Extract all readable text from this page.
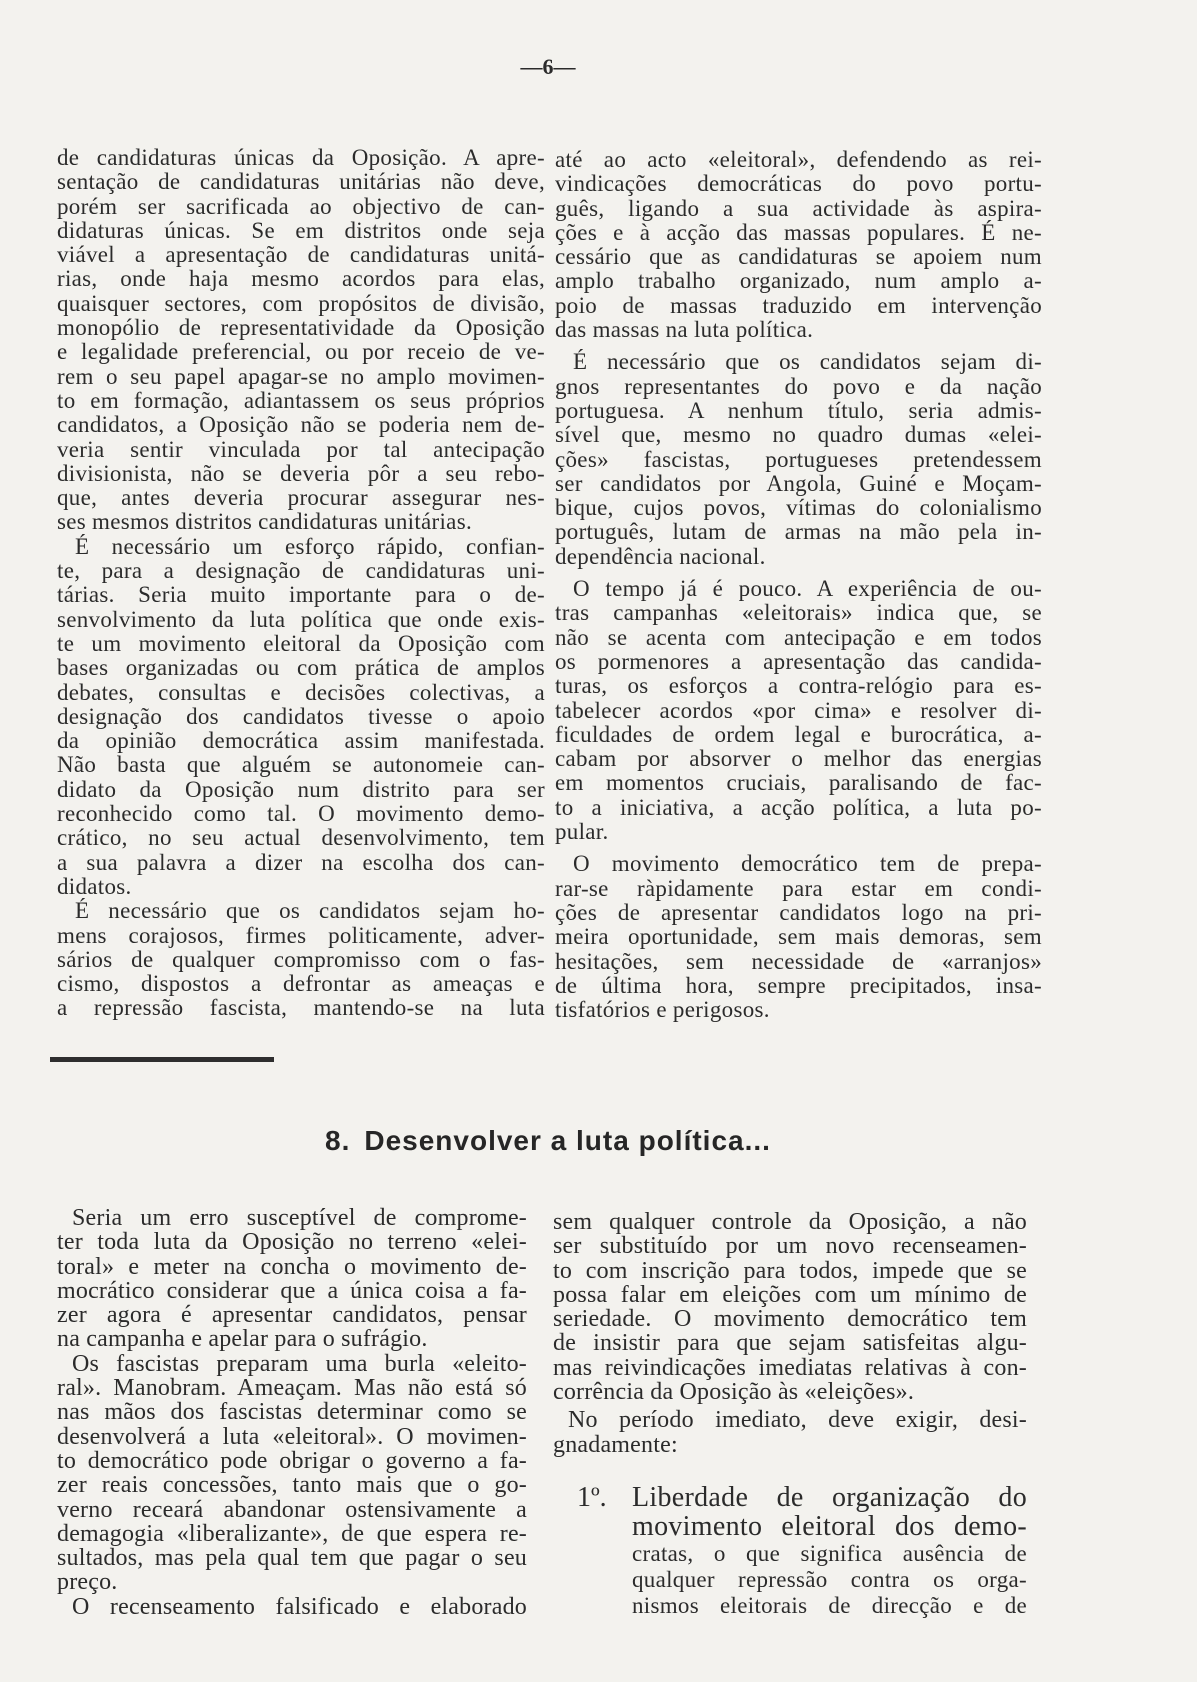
—6—
de candidaturas únicas da Oposição. A apre-
sentação de candidaturas unitárias não deve,
porém ser sacrificada ao objectivo de can-
didaturas únicas. Se em distritos onde seja
viável a apresentação de candidaturas unitá-
rias, onde haja mesmo acordos para elas,
quaisquer sectores, com propósitos de divisão,
monopólio de representatividade da Oposição
e legalidade preferencial, ou por receio de ve-
rem o seu papel apagar-se no amplo movimen-
to em formação, adiantassem os seus próprios
candidatos, a Oposição não se poderia nem de-
veria sentir vinculada por tal antecipação
divisionista, não se deveria pôr a seu rebo-
que, antes deveria procurar assegurar nes-
ses mesmos distritos candidaturas unitárias.
É necessário um esforço rápido, confian-
te, para a designação de candidaturas uni-
tárias. Seria muito importante para o de-
senvolvimento da luta política que onde exis-
te um movimento eleitoral da Oposição com
bases organizadas ou com prática de amplos
debates, consultas e decisões colectivas, a
designação dos candidatos tivesse o apoio
da opinião democrática assim manifestada.
Não basta que alguém se autonomeie can-
didato da Oposição num distrito para ser
reconhecido como tal. O movimento demo-
crático, no seu actual desenvolvimento, tem
a sua palavra a dizer na escolha dos can-
didatos.
É necessário que os candidatos sejam ho-
mens corajosos, firmes politicamente, adver-
sários de qualquer compromisso com o fas-
cismo, dispostos a defrontar as ameaças e
a repressão fascista, mantendo-se na luta
até ao acto «eleitoral», defendendo as rei-
vindicações democráticas do povo portu-
guês, ligando a sua actividade às aspira-
ções e à acção das massas populares. É ne-
cessário que as candidaturas se apoiem num
amplo trabalho organizado, num amplo a-
poio de massas traduzido em intervenção
das massas na luta política.
É necessário que os candidatos sejam di-
gnos representantes do povo e da nação
portuguesa. A nenhum título, seria admis-
sível que, mesmo no quadro dumas «elei-
ções» fascistas, portugueses pretendessem
ser candidatos por Angola, Guiné e Moçam-
bique, cujos povos, vítimas do colonialismo
português, lutam de armas na mão pela in-
dependência nacional.
O tempo já é pouco. A experiência de ou-
tras campanhas «eleitorais» indica que, se
não se acenta com antecipação e em todos
os pormenores a apresentação das candida-
turas, os esforços a contra-relógio para es-
tabelecer acordos «por cima» e resolver di-
ficuldades de ordem legal e burocrática, a-
cabam por absorver o melhor das energias
em momentos cruciais, paralisando de fac-
to a iniciativa, a acção política, a luta po-
pular.
O movimento democrático tem de prepa-
rar-se ràpidamente para estar em condi-
ções de apresentar candidatos logo na pri-
meira oportunidade, sem mais demoras, sem
hesitações, sem necessidade de «arranjos»
de última hora, sempre precipitados, insa-
tisfatórios e perigosos.
8. Desenvolver a luta política...
Seria um erro susceptível de comprome-
ter toda luta da Oposição no terreno «elei-
toral» e meter na concha o movimento de-
mocrático considerar que a única coisa a fa-
zer agora é apresentar candidatos, pensar
na campanha e apelar para o sufrágio.
Os fascistas preparam uma burla «eleito-
ral». Manobram. Ameaçam. Mas não está só
nas mãos dos fascistas determinar como se
desenvolverá a luta «eleitoral». O movimen-
to democrático pode obrigar o governo a fa-
zer reais concessões, tanto mais que o go-
verno receará abandonar ostensivamente a
demagogia «liberalizante», de que espera re-
sultados, mas pela qual tem que pagar o seu
preço.
O recenseamento falsificado e elaborado
sem qualquer controle da Oposição, a não
ser substituído por um novo recenseamen-
to com inscrição para todos, impede que se
possa falar em eleições com um mínimo de
seriedade. O movimento democrático tem
de insistir para que sejam satisfeitas algu-
mas reivindicações imediatas relativas à con-
corrência da Oposição às «eleições».
No período imediato, deve exigir, desi-
gnadamente:
1º. Liberdade de organização do
movimento eleitoral dos demo-
cratas, o que significa ausência de
qualquer repressão contra os orga-
nismos eleitorais de direcção e de
